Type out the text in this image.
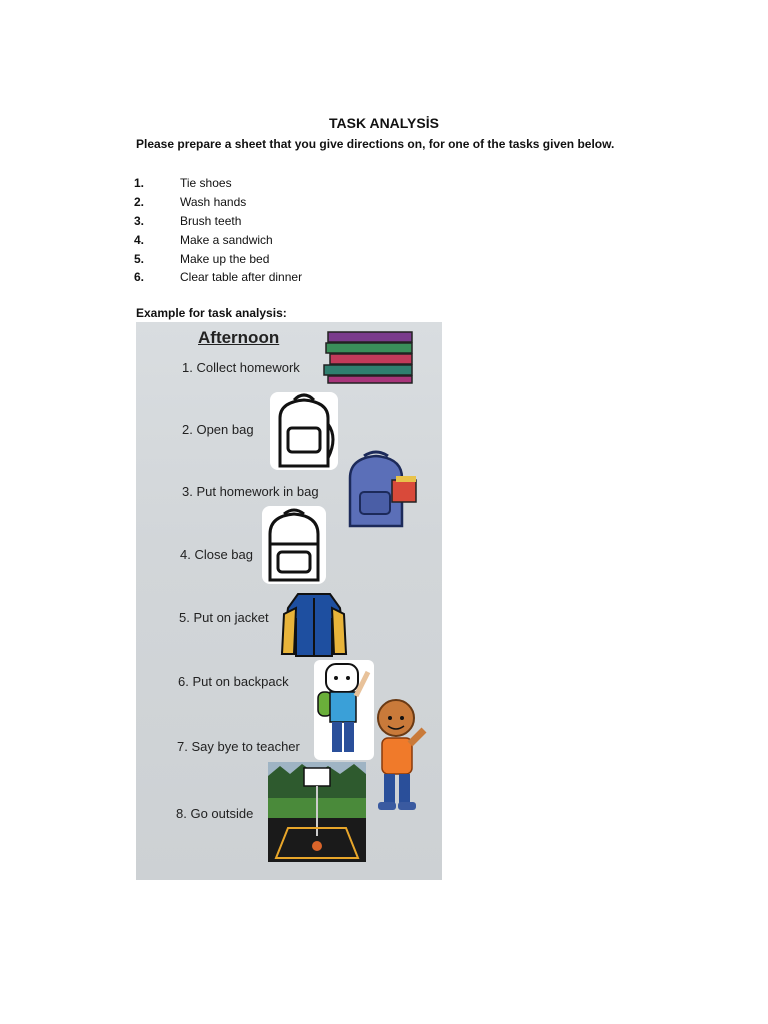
TASK ANALYSİS
Please prepare a sheet that you give directions on, for one of the tasks given below.
1.	Tie shoes
2.	Wash hands
3.	Brush teeth
4.	Make a sandwich
5.	Make up the bed
6.	Clear table after dinner
Example for task analysis:
Afternoon
1. Collect homework
2. Open bag
3. Put homework in bag
4. Close bag
5. Put on jacket
6. Put on backpack
7. Say bye to teacher
8. Go outside
